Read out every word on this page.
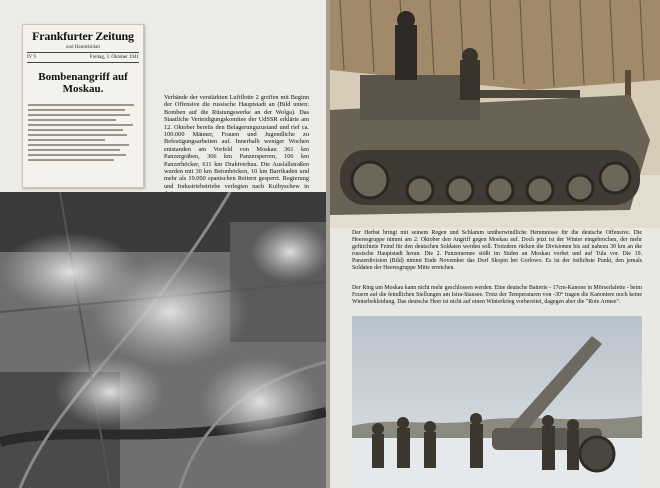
Frankfurter Zeitung
und Handelsblatt
IV 9	Freitag, 3. Oktober 1941
Bombenangriff auf Moskau.

Verbände der verstärkten Luftflotte 2 greifen mit Beginn der Offensive die russische Hauptstadt an (Bild unten: Bomben auf die Rüstungswerke an der Wolga). Das Staatliche Verteidigungskomitee der UdSSR erklärte am 12. Oktober bereits den Belagerungszustand und rief ca. 100.000 Männer, Frauen und Jugendliche zu Befestigungsarbeiten auf. Innerhalb weniger Wochen entstanden am Vorfeld von Moskau 361 km Panzergräben, 366 km Panzersperren, 106 km Panzerhöcker, 611 km Drahtverhau. Die Ausfallstraßen wurden mit 30 km Betonböcken, 10 km Barrikaden und mehr als 19.000 spanischen Reitern gesperrt. Regierung und Industriebetriebe verlegten nach Kuibyschew in

Der Herbst bringt mit seinem Regen und Schlamm unüberwindliche Hemmnisse für die deutsche Offensive. Die Heeresgruppe nimmt am 2. Oktober den Angriff gegen Moskau auf. Doch jetzt ist der Winter eingebrochen, der mehr gefürchtete Feind für den deutschen Soldaten werden soll. Trotzdem rücken die Divisionen bis auf nahezu 30 km an die russische Hauptstadt heran. Die 2. Panzerarmee stößt im Süden an Moskau vorbei und auf Tula vor. Die 19. Panzerdivision (Bild) nimmt Ende November das Dorf Skopin bei Gorlowo. Es ist der östlichste Punkt, den jemals Soldaten der Heeresgruppe Mitte erreichen.

Der Ring um Moskau kann nicht mehr geschlossen werden. Eine deutsche Batterie - 17cm-Kanone in Mörserlafette - beim Feuern auf die feindlichen Stellungen am Istra-Stausee. Trotz der Temperaturen von -30° tragen die Kanoniere noch keine Winterbekleidung. Das deutsche Heer ist nicht auf einen Winterkrieg vorbereitet, dagegen aber die "Rote Armee".
